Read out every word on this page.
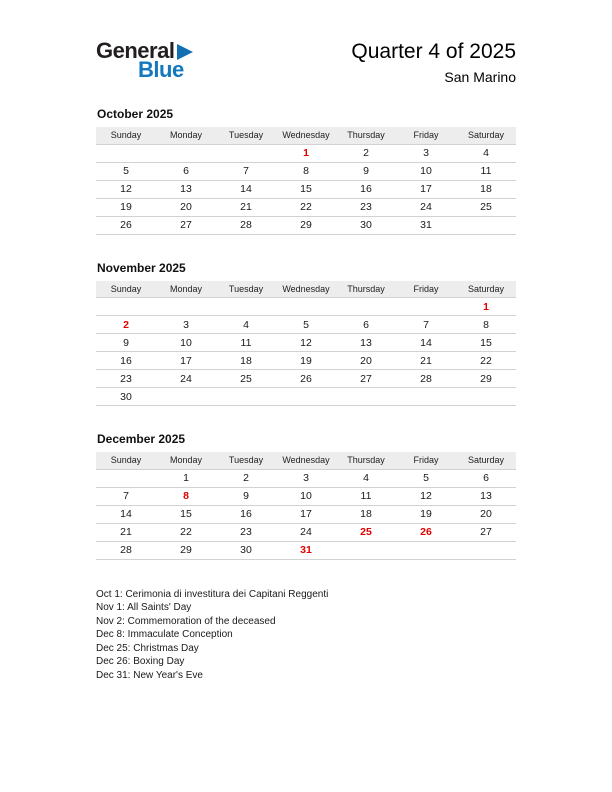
General
Blue
Quarter 4 of 2025
San Marino
October 2025
Sunday	Monday	Tuesday	Wednesday	Thursday	Friday	Saturday
			1	2	3	4
5	6	7	8	9	10	11
12	13	14	15	16	17	18
19	20	21	22	23	24	25
26	27	28	29	30	31	
November 2025
Sunday	Monday	Tuesday	Wednesday	Thursday	Friday	Saturday
						1
2	3	4	5	6	7	8
9	10	11	12	13	14	15
16	17	18	19	20	21	22
23	24	25	26	27	28	29
30						
December 2025
Sunday	Monday	Tuesday	Wednesday	Thursday	Friday	Saturday
	1	2	3	4	5	6
7	8	9	10	11	12	13
14	15	16	17	18	19	20
21	22	23	24	25	26	27
28	29	30	31			
Oct 1: Cerimonia di investitura dei Capitani Reggenti
Nov 1: All Saints' Day
Nov 2: Commemoration of the deceased
Dec 8: Immaculate Conception
Dec 25: Christmas Day
Dec 26: Boxing Day
Dec 31: New Year's Eve
